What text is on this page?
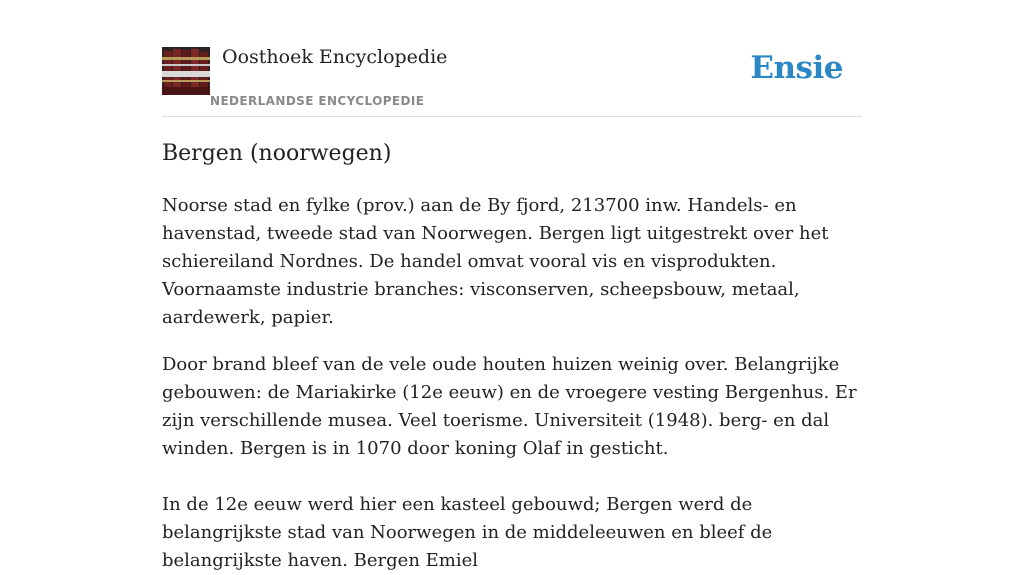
Oosthoek Encyclopedie
NEDERLANDSE ENCYCLOPEDIE
Ensie
Bergen (noorwegen)

Noorse stad en fylke (prov.) aan de By fjord, 213700 inw. Handels- en havenstad, tweede stad van Noorwegen. Bergen ligt uitgestrekt over het schiereiland Nordnes. De handel omvat vooral vis en visprodukten. Voornaamste industrie branches: visconserven, scheepsbouw, metaal, aardewerk, papier.

Door brand bleef van de vele oude houten huizen weinig over. Belangrijke gebouwen: de Mariakirke (12e eeuw) en de vroegere vesting Bergenhus. Er zijn verschillende musea. Veel toerisme. Universiteit (1948). berg- en dal winden. Bergen is in 1070 door koning Olaf in gesticht.

In de 12e eeuw werd hier een kasteel gebouwd; Bergen werd de belangrijkste stad van Noorwegen in de middeleeuwen en bleef de belangrijkste haven. Bergen Emiel
